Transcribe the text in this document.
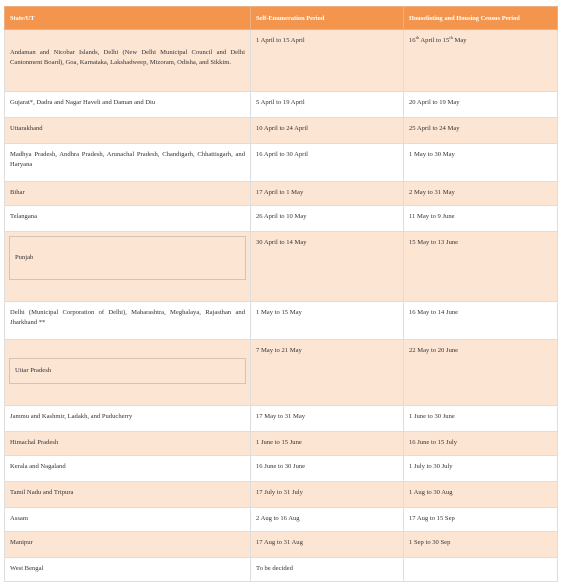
State/UT	Self-Enumeration Period	Houselisting and Housing Census Period
Andaman and Nicobar Islands, Delhi (New Delhi Municipal Council and Delhi Cantonment Board), Goa, Karnataka, Lakshadweep, Mizoram, Odisha, and Sikkim.	1 April to 15 April	16th April to 15th May
Gujarat*, Dadra and Nagar Haveli and Daman and Diu	5 April to 19 April	20 April to 19 May
Uttarakhand	10 April to 24 April	25 April to 24 May
Madhya Pradesh, Andhra Pradesh, Arunachal Pradesh, Chandigarh, Chhattisgarh, and Haryana	16 April to 30 April	1 May to 30 May
Bihar	17 April to 1 May	2 May to 31 May
Telangana	26 April to 10 May	11 May to 9 June

Punjab	30 April to 14 May	15 May to 13 June
Delhi (Municipal Corporation of Delhi), Maharashtra, Meghalaya, Rajasthan and Jharkhand **	1 May to 15 May	16 May to 14 June

Uttar Pradesh	7 May to 21 May	22 May to 20 June
Jammu and Kashmir, Ladakh, and Puducherry	17 May to 31 May	1 June to 30 June
Himachal Pradesh	1 June to 15 June	16 June to 15 July
Kerala and Nagaland	16 June to 30 June	1 July to 30 July
Tamil Nadu and Tripura	17 July to 31 July	1 Aug to 30 Aug
Assam	2 Aug to 16 Aug	17 Aug to 15 Sep
Manipur	17 Aug to 31 Aug	1 Sep to 30 Sep
West Bengal	To be decided	
